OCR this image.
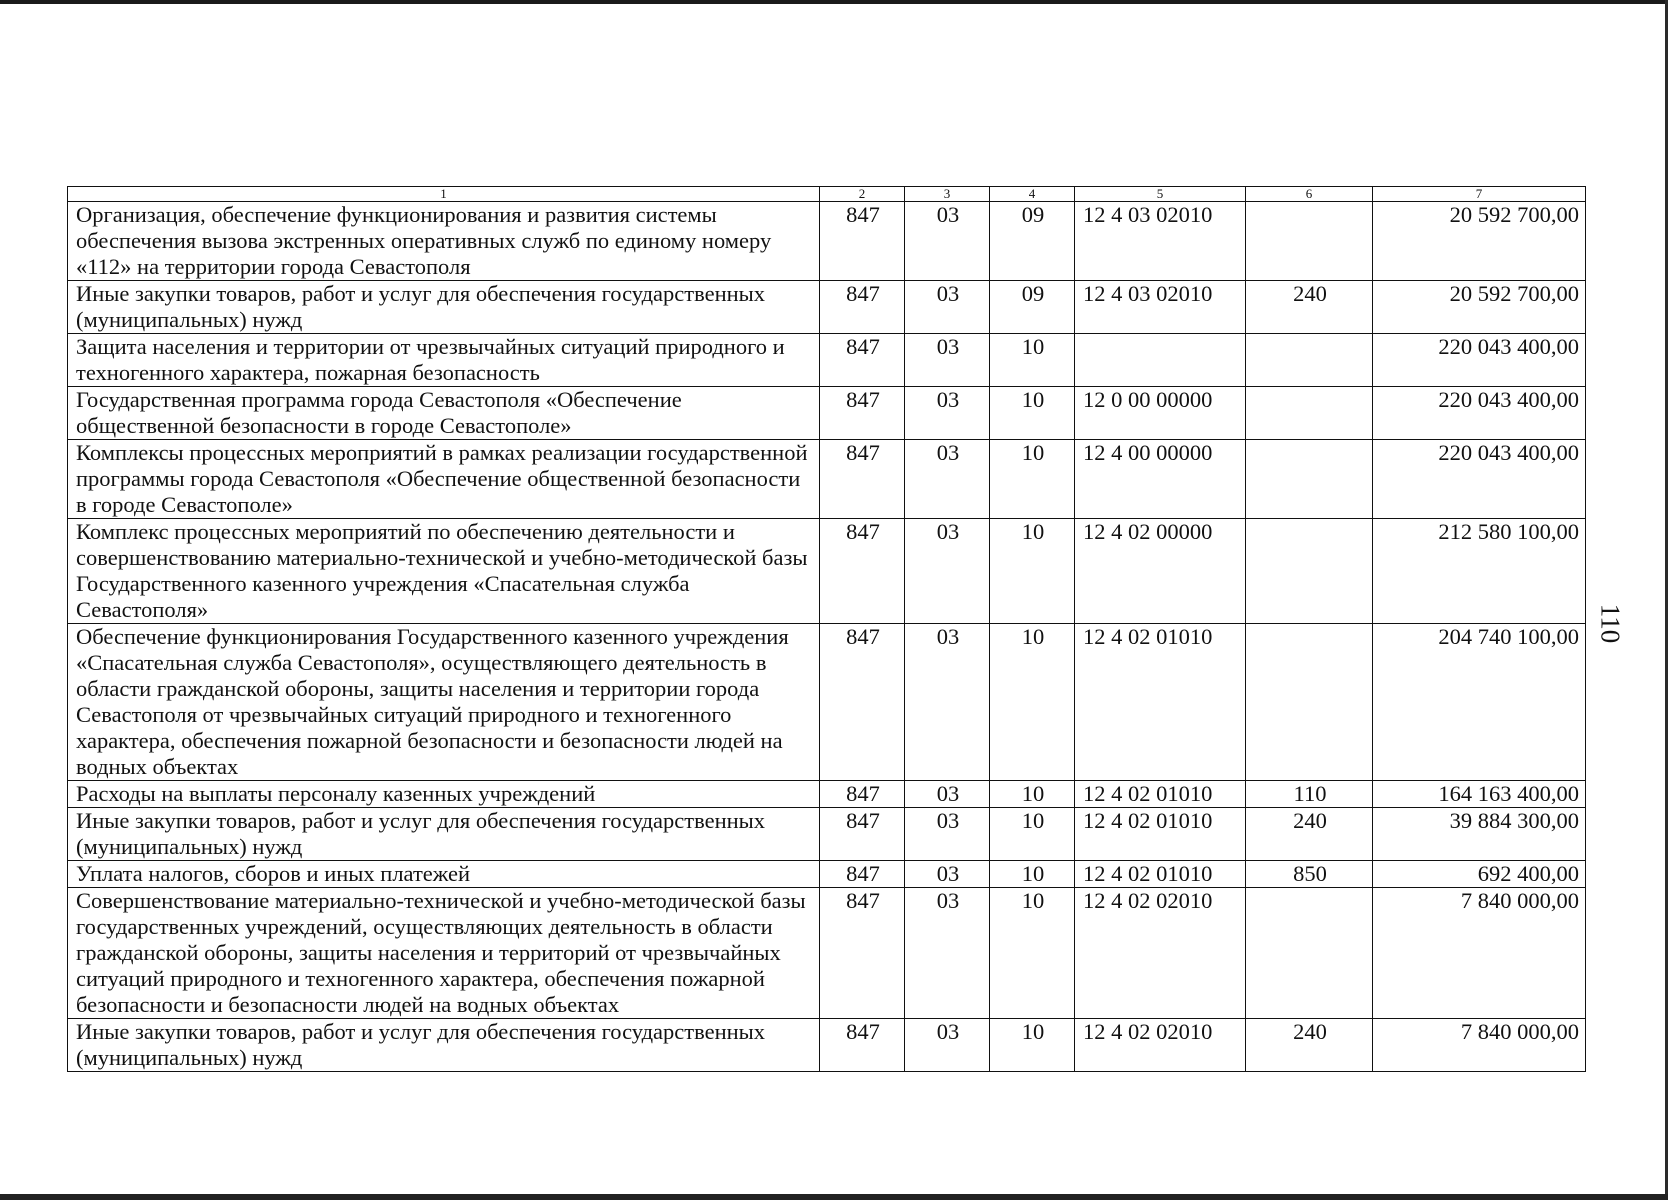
110
1	2	3	4	5	6	7
Организация, обеспечение функционирования и развития системы обеспечения вызова экстренных оперативных служб по единому номеру «112» на территории города Севастополя	847	03	09	12 4 03 02010		20 592 700,00
Иные закупки товаров, работ и услуг для обеспечения государственных (муниципальных) нужд	847	03	09	12 4 03 02010	240	20 592 700,00
Защита населения и территории от чрезвычайных ситуаций природного и техногенного характера, пожарная безопасность	847	03	10			220 043 400,00
Государственная программа города Севастополя «Обеспечение общественной безопасности в городе Севастополе»	847	03	10	12 0 00 00000		220 043 400,00
Комплексы процессных мероприятий в рамках реализации государственной программы города Севастополя «Обеспечение общественной безопасности в городе Севастополе»	847	03	10	12 4 00 00000		220 043 400,00
Комплекс процессных мероприятий по обеспечению деятельности и совершенствованию материально-технической и учебно-методической базы Государственного казенного учреждения «Спасательная служба Севастополя»	847	03	10	12 4 02 00000		212 580 100,00
Обеспечение функционирования Государственного казенного учреждения «Спасательная служба Севастополя», осуществляющего деятельность в области гражданской обороны, защиты населения и территории города Севастополя от чрезвычайных ситуаций природного и техногенного характера, обеспечения пожарной безопасности и безопасности людей на водных объектах	847	03	10	12 4 02 01010		204 740 100,00
Расходы на выплаты персоналу казенных учреждений	847	03	10	12 4 02 01010	110	164 163 400,00
Иные закупки товаров, работ и услуг для обеспечения государственных (муниципальных) нужд	847	03	10	12 4 02 01010	240	39 884 300,00
Уплата налогов, сборов и иных платежей	847	03	10	12 4 02 01010	850	692 400,00
Совершенствование материально-технической и учебно-методической базы государственных учреждений, осуществляющих деятельность в области гражданской обороны, защиты населения и территорий от чрезвычайных ситуаций природного и техногенного характера, обеспечения пожарной безопасности и безопасности людей на водных объектах	847	03	10	12 4 02 02010		7 840 000,00
Иные закупки товаров, работ и услуг для обеспечения государственных (муниципальных) нужд	847	03	10	12 4 02 02010	240	7 840 000,00
